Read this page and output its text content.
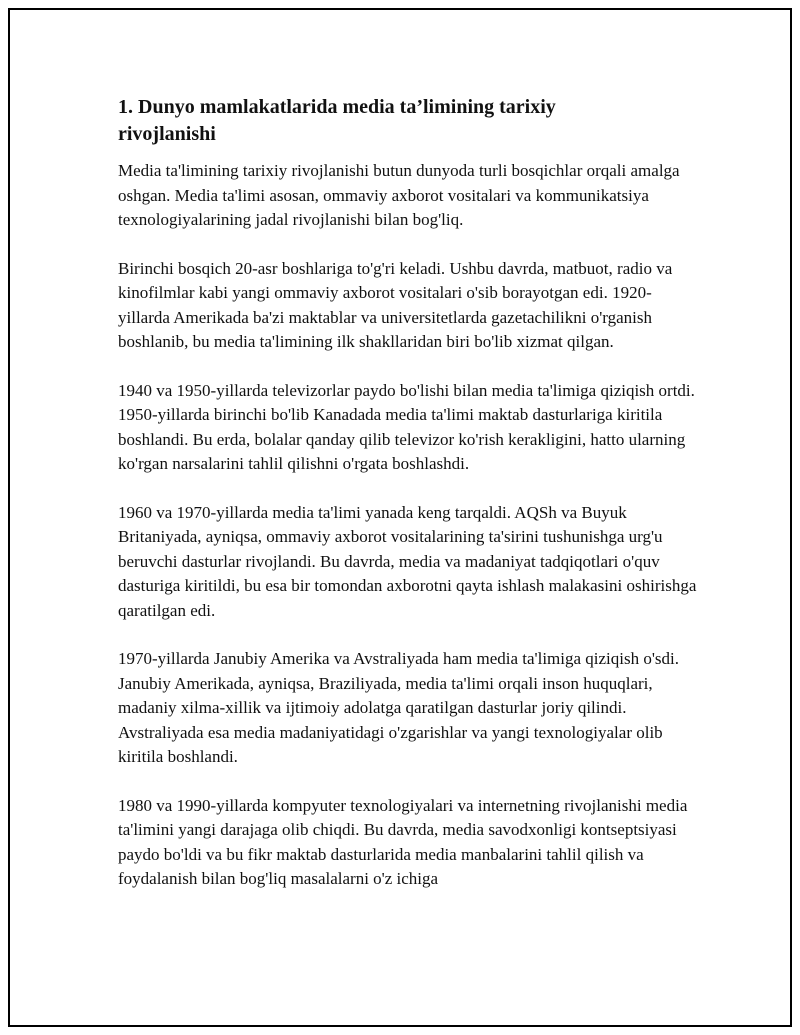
1. Dunyo mamlakatlarida media ta’limining tarixiy rivojlanishi

Media ta'limining tarixiy rivojlanishi butun dunyoda turli bosqichlar orqali amalga oshgan. Media ta'limi asosan, ommaviy axborot vositalari va kommunikatsiya texnologiyalarining jadal rivojlanishi bilan bog'liq.

Birinchi bosqich 20-asr boshlariga to'g'ri keladi. Ushbu davrda, matbuot, radio va kinofilmlar kabi yangi ommaviy axborot vositalari o'sib borayotgan edi. 1920-yillarda Amerikada ba'zi maktablar va universitetlarda gazetachilikni o'rganish boshlanib, bu media ta'limining ilk shakllaridan biri bo'lib xizmat qilgan.

1940 va 1950-yillarda televizorlar paydo bo'lishi bilan media ta'limiga qiziqish ortdi. 1950-yillarda birinchi bo'lib Kanadada media ta'limi maktab dasturlariga kiritila boshlandi. Bu erda, bolalar qanday qilib televizor ko'rish kerakligini, hatto ularning ko'rgan narsalarini tahlil qilishni o'rgata boshlashdi.

1960 va 1970-yillarda media ta'limi yanada keng tarqaldi. AQSh va Buyuk Britaniyada, ayniqsa, ommaviy axborot vositalarining ta'sirini tushunishga urg'u beruvchi dasturlar rivojlandi. Bu davrda, media va madaniyat tadqiqotlari o'quv dasturiga kiritildi, bu esa bir tomondan axborotni qayta ishlash malakasini oshirishga qaratilgan edi.

1970-yillarda Janubiy Amerika va Avstraliyada ham media ta'limiga qiziqish o'sdi. Janubiy Amerikada, ayniqsa, Braziliyada, media ta'limi orqali inson huquqlari, madaniy xilma-xillik va ijtimoiy adolatga qaratilgan dasturlar joriy qilindi. Avstraliyada esa media madaniyatidagi o'zgarishlar va yangi texnologiyalar olib kiritila boshlandi.

1980 va 1990-yillarda kompyuter texnologiyalari va internetning rivojlanishi media ta'limini yangi darajaga olib chiqdi. Bu davrda, media savodxonligi kontseptsiyasi paydo bo'ldi va bu fikr maktab dasturlarida media manbalarini tahlil qilish va foydalanish bilan bog'liq masalalarni o'z ichiga
